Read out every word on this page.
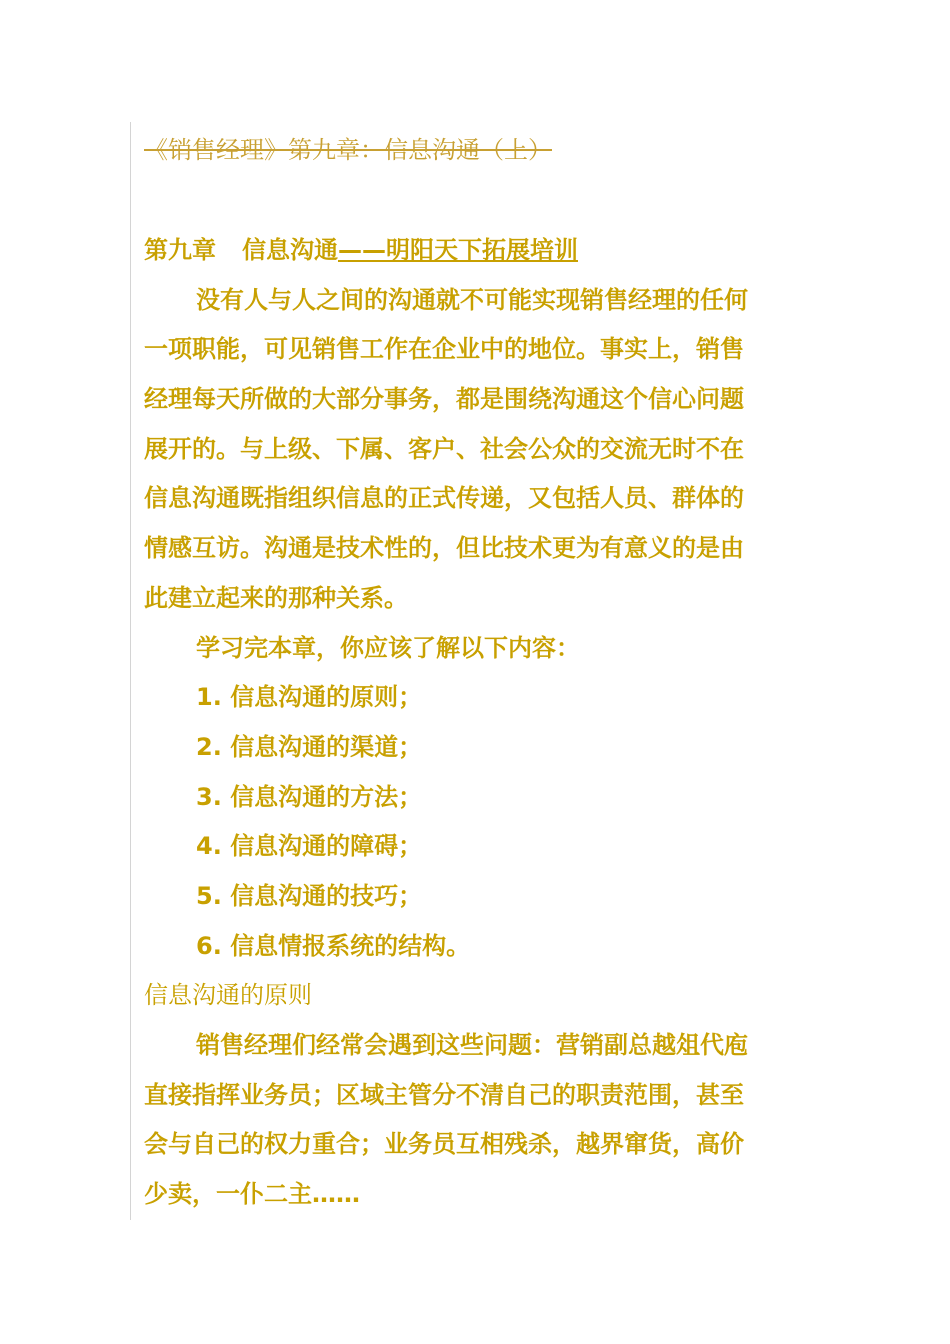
《销售经理》第九章：信息沟通（上）
第九章 信息沟通——明阳天下拓展培训
没有人与人之间的沟通就不可能实现销售经理的任何
一项职能，可见销售工作在企业中的地位。事实上，销售
经理每天所做的大部分事务，都是围绕沟通这个信心问题
展开的。与上级、下属、客户、社会公众的交流无时不在
信息沟通既指组织信息的正式传递，又包括人员、群体的
情感互访。沟通是技术性的，但比技术更为有意义的是由
此建立起来的那种关系。
学习完本章，你应该了解以下内容：
1. 信息沟通的原则；
2. 信息沟通的渠道；
3. 信息沟通的方法；
4. 信息沟通的障碍；
5. 信息沟通的技巧；
6. 信息情报系统的结构。
信息沟通的原则
销售经理们经常会遇到这些问题：营销副总越俎代庖
直接指挥业务员；区域主管分不清自己的职责范围，甚至
会与自己的权力重合；业务员互相残杀，越界窜货，高价
少卖，一仆二主……
